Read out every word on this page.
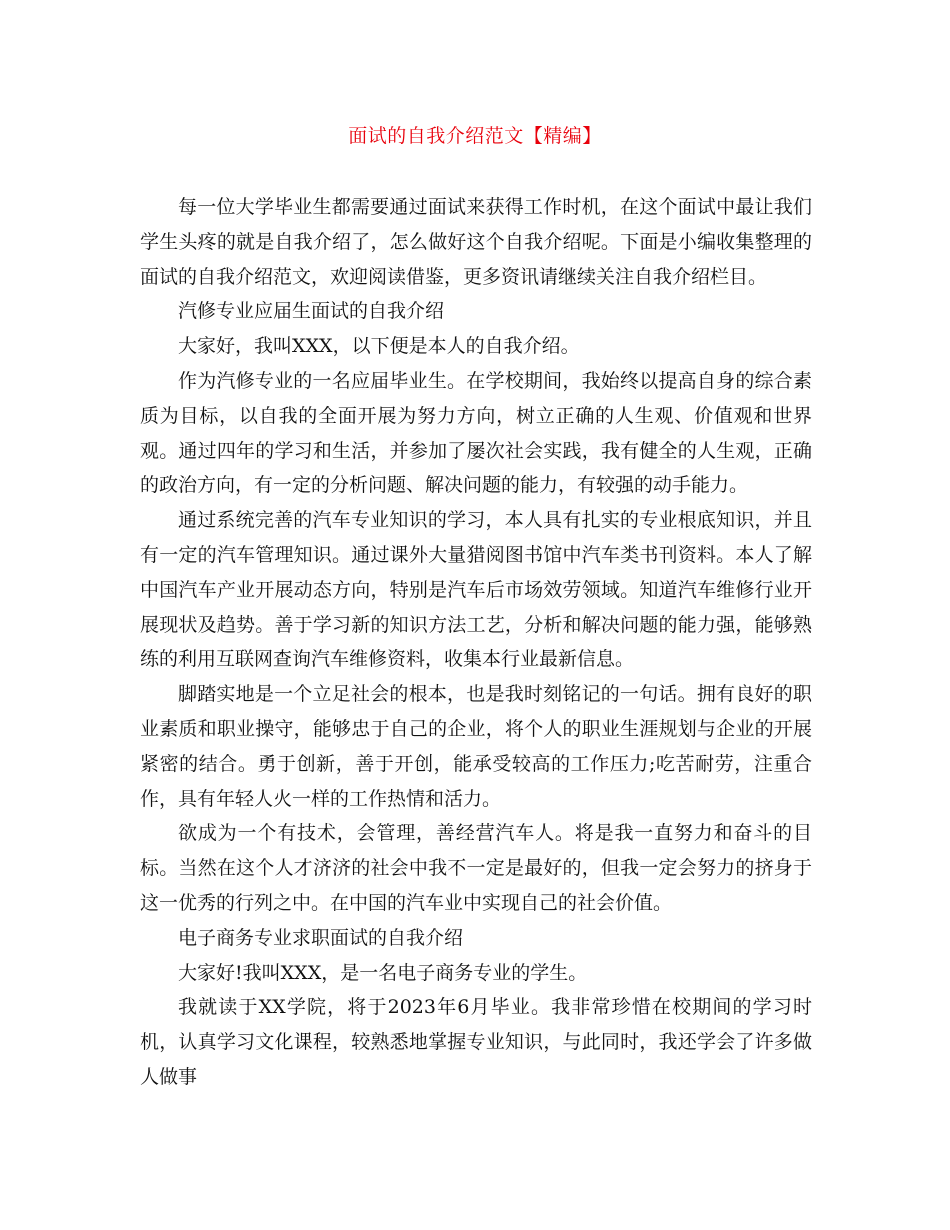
面试的自我介绍范文【精编】

每一位大学毕业生都需要通过面试来获得工作时机，在这个面试中最让我们学生头疼的就是自我介绍了，怎么做好这个自我介绍呢。下面是小编收集整理的面试的自我介绍范文，欢迎阅读借鉴，更多资讯请继续关注自我介绍栏目。

汽修专业应届生面试的自我介绍

大家好，我叫XXX，以下便是本人的自我介绍。

作为汽修专业的一名应届毕业生。在学校期间，我始终以提高自身的综合素质为目标，以自我的全面开展为努力方向，树立正确的人生观、价值观和世界观。通过四年的学习和生活，并参加了屡次社会实践，我有健全的人生观，正确的政治方向，有一定的分析问题、解决问题的能力，有较强的动手能力。

通过系统完善的汽车专业知识的学习，本人具有扎实的专业根底知识，并且有一定的汽车管理知识。通过课外大量猎阅图书馆中汽车类书刊资料。本人了解中国汽车产业开展动态方向，特别是汽车后市场效劳领域。知道汽车维修行业开展现状及趋势。善于学习新的知识方法工艺，分析和解决问题的能力强，能够熟练的利用互联网查询汽车维修资料，收集本行业最新信息。

脚踏实地是一个立足社会的根本，也是我时刻铭记的一句话。拥有良好的职业素质和职业操守，能够忠于自己的企业，将个人的职业生涯规划与企业的开展紧密的结合。勇于创新，善于开创，能承受较高的工作压力;吃苦耐劳，注重合作，具有年轻人火一样的工作热情和活力。

欲成为一个有技术，会管理，善经营汽车人。将是我一直努力和奋斗的目标。当然在这个人才济济的社会中我不一定是最好的，但我一定会努力的挤身于这一优秀的行列之中。在中国的汽车业中实现自己的社会价值。

电子商务专业求职面试的自我介绍

大家好!我叫XXX，是一名电子商务专业的学生。

我就读于XX学院，将于2023年6月毕业。我非常珍惜在校期间的学习时机，认真学习文化课程，较熟悉地掌握专业知识，与此同时，我还学会了许多做人做事
